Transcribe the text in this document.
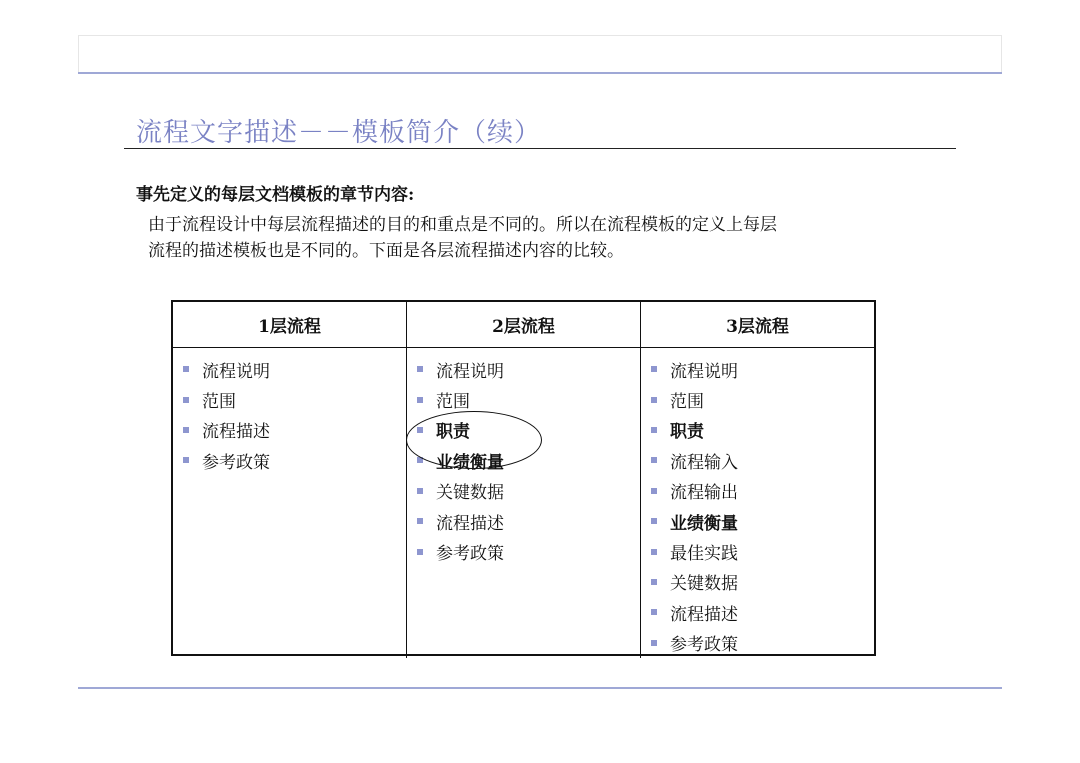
流程文字描述－－模板简介（续）
事先定义的每层文档模板的章节内容:
由于流程设计中每层流程描述的目的和重点是不同的。所以在流程模板的定义上每层
流程的描述模板也是不同的。下面是各层流程描述内容的比较。
1层流程	2层流程	3层流程
流程说明
范围
流程描述
参考政策
流程说明
范围
职责
业绩衡量
关键数据
流程描述
参考政策
流程说明
范围
职责
流程输入
流程输出
业绩衡量
最佳实践
关键数据
流程描述
参考政策
